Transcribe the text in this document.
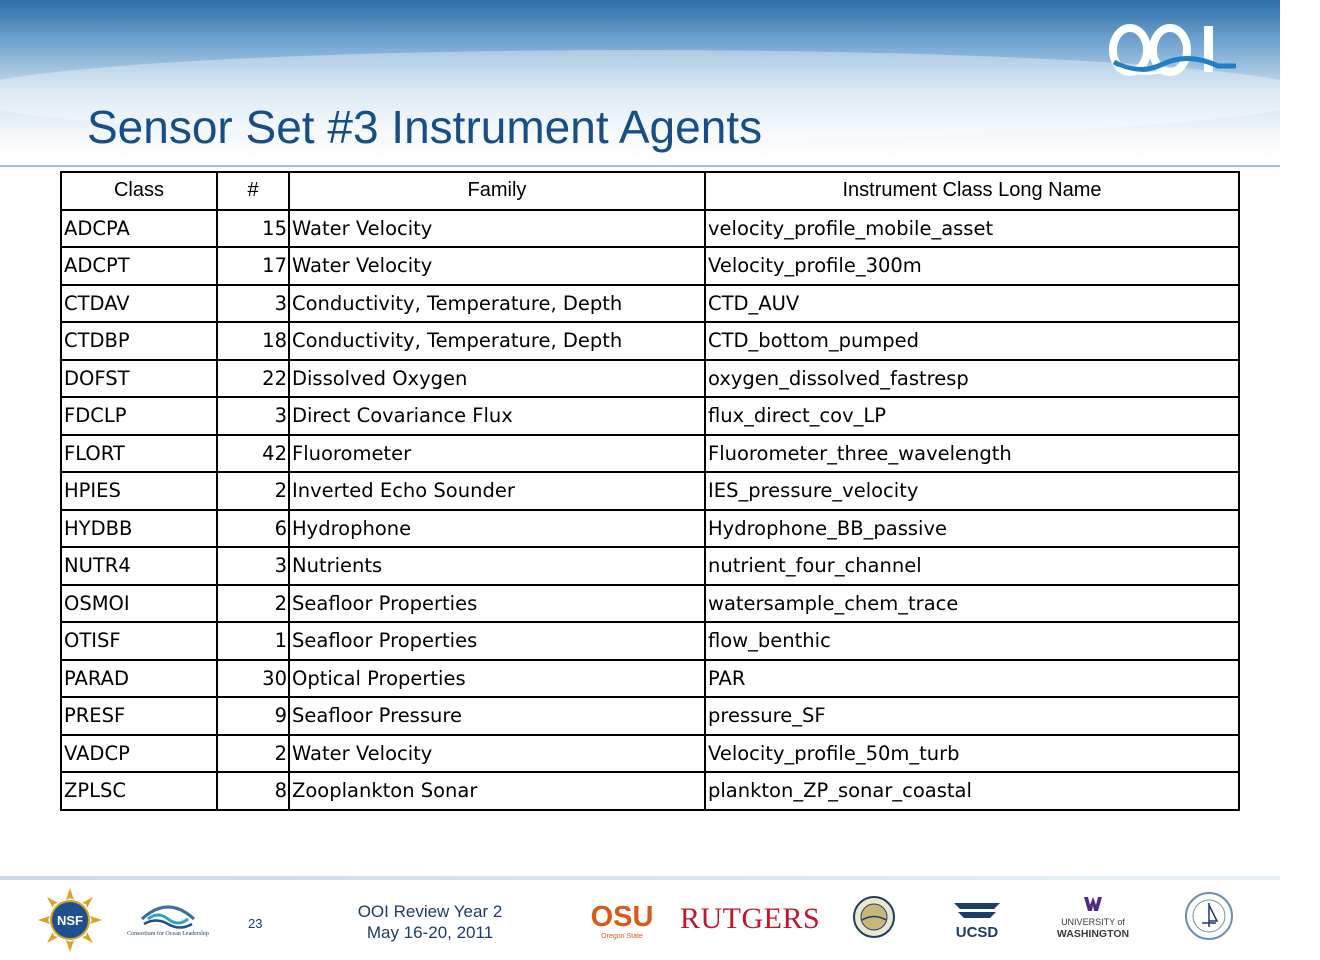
Sensor Set #3 Instrument Agents
Class	#	Family	Instrument Class Long Name
ADCPA	15	Water Velocity	velocity_profile_mobile_asset
ADCPT	17	Water Velocity	Velocity_profile_300m
CTDAV	3	Conductivity, Temperature, Depth	CTD_AUV
CTDBP	18	Conductivity, Temperature, Depth	CTD_bottom_pumped
DOFST	22	Dissolved Oxygen	oxygen_dissolved_fastresp
FDCLP	3	Direct Covariance Flux	flux_direct_cov_LP
FLORT	42	Fluorometer	Fluorometer_three_wavelength
HPIES	2	Inverted Echo Sounder	IES_pressure_velocity
HYDBB	6	Hydrophone	Hydrophone_BB_passive
NUTR4	3	Nutrients	nutrient_four_channel
OSMOI	2	Seafloor Properties	watersample_chem_trace
OTISF	1	Seafloor Properties	flow_benthic
PARAD	30	Optical Properties	PAR
PRESF	9	Seafloor Pressure	pressure_SF
VADCP	2	Water Velocity	Velocity_profile_50m_turb
ZPLSC	8	Zooplankton Sonar	plankton_ZP_sonar_coastal
NSF
Consortium for Ocean Leadership
23
OOI Review Year 2
May 16-20, 2011	OSU
Oregon State
RUTGERS	UCSD
UNIVERSITY of
WASHINGTON
